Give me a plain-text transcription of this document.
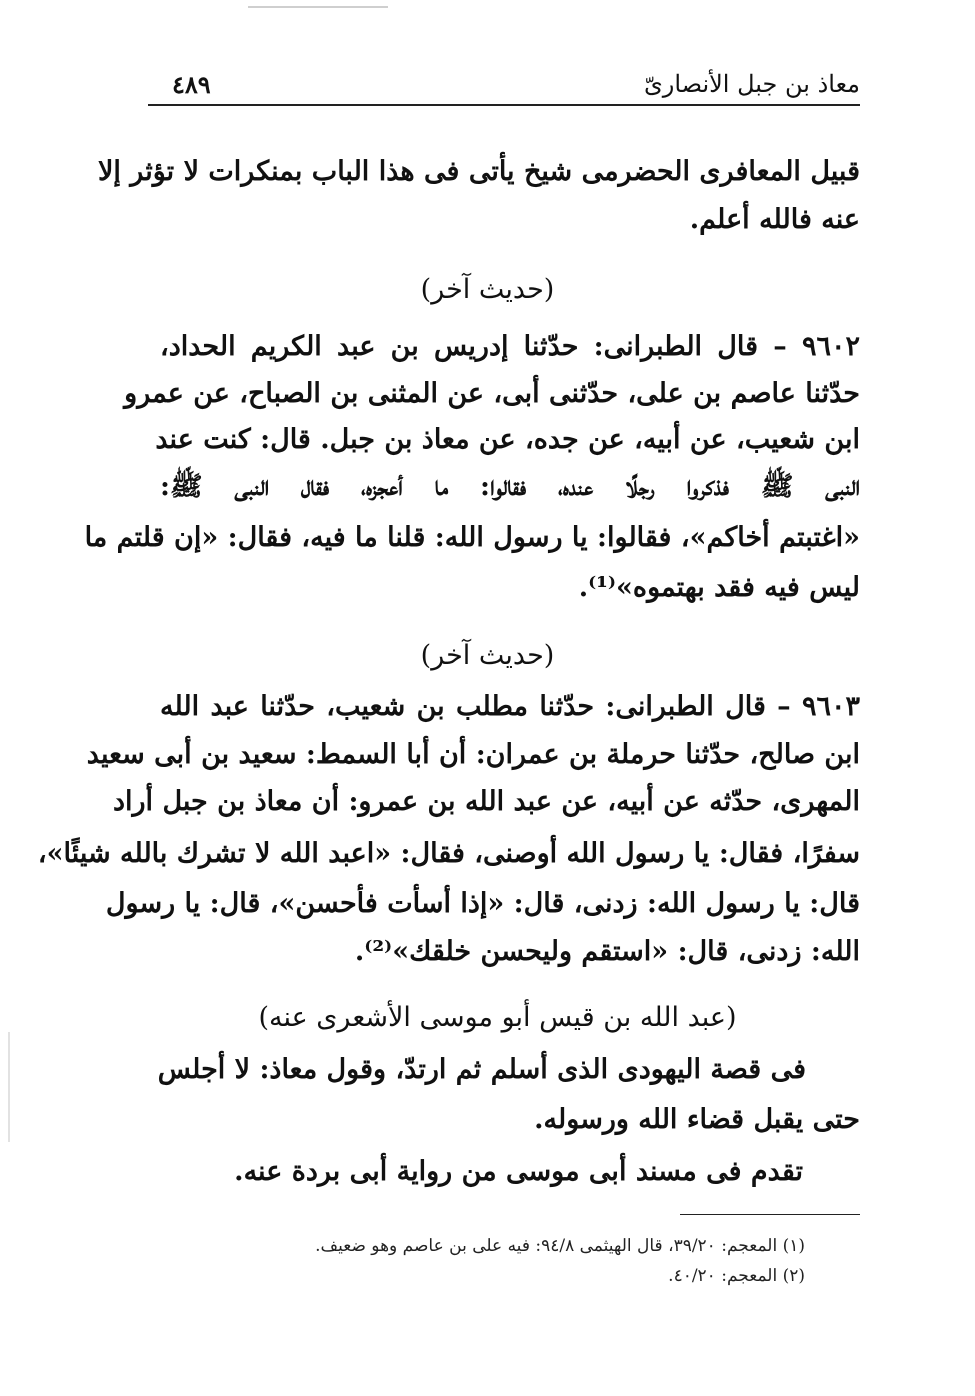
معاذ بن جبل الأنصارىّ
٤٨٩
قبيل المعافرى الحضرمى شيخ يأتى فى هذا الباب بمنكرات لا تؤثر إلا
عنه فالله أعلم.
(حديث آخر)
٩٦٠٢ – قال الطبرانى: حدّثنا إدريس بن عبد الكريم الحداد،
حدّثنا عاصم بن على، حدّثنى أبى، عن المثنى بن الصباح، عن عمرو
ابن شعيب، عن أبيه، عن جده، عن معاذ بن جبل. قال: كنت عند
النبى ﷺ فذكروا رجلًا عنده، فقالوا: ما أعجزه، فقال النبى ﷺ:
«اغتبتم أخاكم»، فقالوا: يا رسول الله: قلنا ما فيه، فقال: «إن قلتم ما
ليس فيه فقد بهتموه»⁽¹⁾.
(حديث آخر)
٩٦٠٣ – قال الطبرانى: حدّثنا مطلب بن شعيب، حدّثنا عبد الله
ابن صالح، حدّثنا حرملة بن عمران: أن أبا السمط: سعيد بن أبى سعيد
المهرى، حدّثه عن أبيه، عن عبد الله بن عمرو: أن معاذ بن جبل أراد
سفرًا، فقال: يا رسول الله أوصنى، فقال: «اعبد الله لا تشرك بالله شيئًا»،
قال: يا رسول الله: زدنى، قال: «إذا أسأت فأحسن»، قال: يا رسول
الله: زدنى، قال: «استقم وليحسن خلقك»⁽²⁾.
(عبد الله بن قيس أبو موسى الأشعرى عنه)
فى قصة اليهودى الذى أسلم ثم ارتدّ، وقول معاذ: لا أجلس
حتى يقبل قضاء الله ورسوله.
تقدم فى مسند أبى موسى من رواية أبى بردة عنه.
(١) المعجم: ٣٩/٢٠، قال الهيثمى ٩٤/٨: فيه على بن عاصم وهو ضعيف.
(٢) المعجم: ٤٠/٢٠.
